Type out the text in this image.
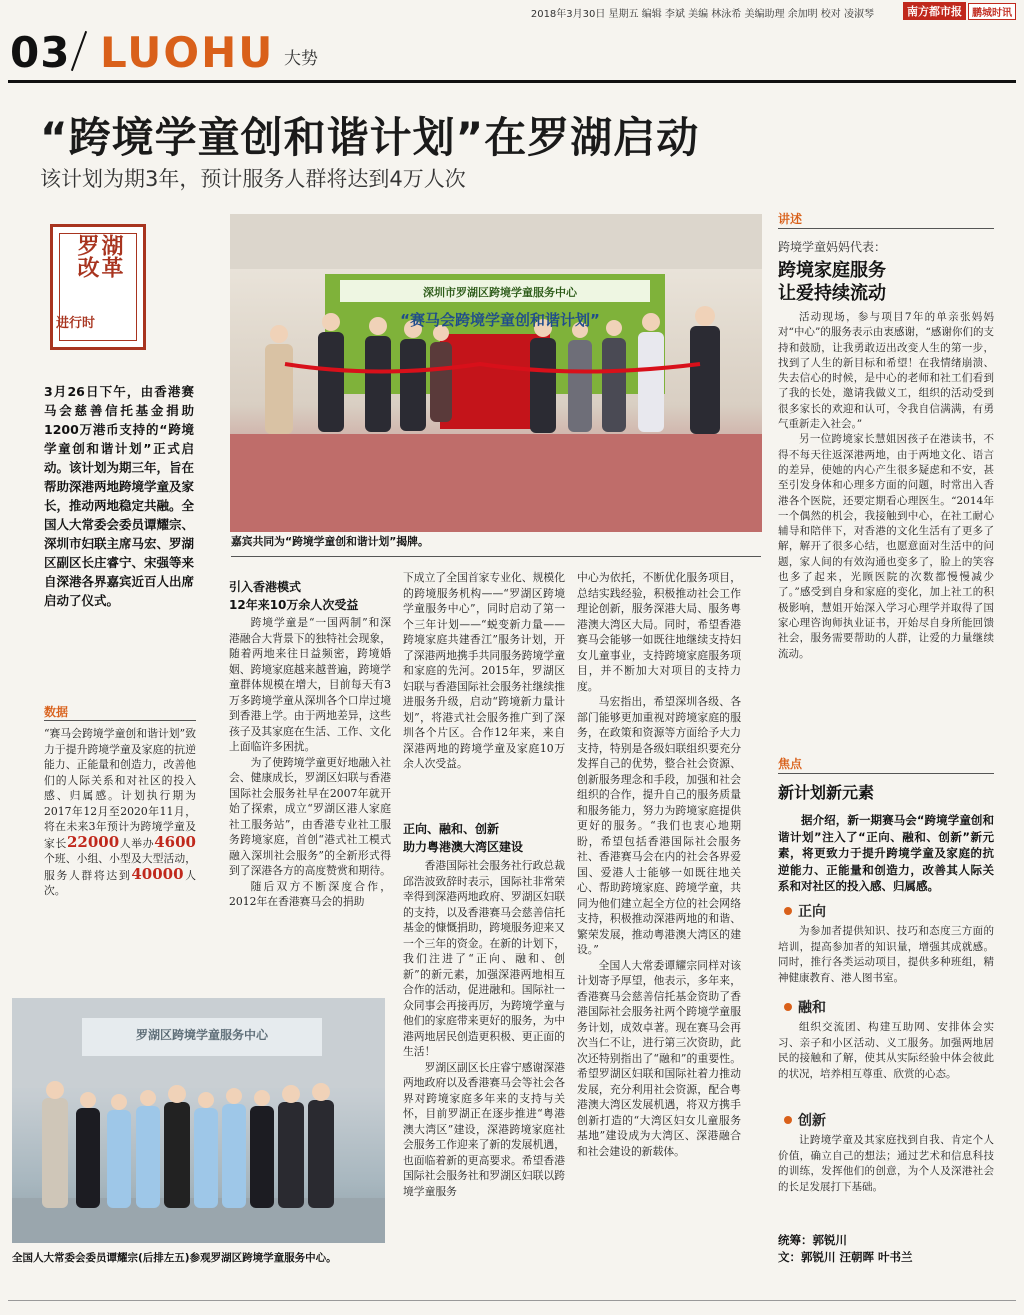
2018年3月30日 星期五 编辑 李斌 美编 林泳希 美编助理 余加明 校对 凌淑琴	南方都市报	鹏城时讯
03 LUOHU 大势
“跨境学童创和谐计划”在罗湖启动
该计划为期3年，预计服务人群将达到4万人次
湖革
罗改
进行时
3月26日下午，由香港赛马会慈善信托基金捐助1200万港币支持的“跨境学童创和谐计划”正式启动。该计划为期三年，旨在帮助深港两地跨境学童及家长，推动两地稳定共融。全国人大常委会委员谭耀宗、深圳市妇联主席马宏、罗湖区副区长庄睿宁、宋强等来自深港各界嘉宾近百人出席启动了仪式。
数据
“赛马会跨境学童创和谐计划”致力于提升跨境学童及家庭的抗逆能力、正能量和创造力，改善他们的人际关系和对社区的投入感、归属感。计划执行期为2017年12月至2020年11月，将在未来3年预计为跨境学童及家长22000人举办4600个班、小组、小型及大型活动，服务人群将达到40000人次。
深圳市罗湖区跨境学童服务中心
“赛马会跨境学童创和谐计划”
嘉宾共同为“跨境学童创和谐计划”揭牌。
引入香港模式
12年来10万余人次受益

跨境学童是“一国两制”和深港融合大背景下的独特社会现象，随着两地来往日益频密，跨境婚姻、跨境家庭越来越普遍，跨境学童群体规模在增大，目前每天有3万多跨境学童从深圳各个口岸过境到香港上学。由于两地差异，这些孩子及其家庭在生活、工作、文化上面临许多困扰。

为了使跨境学童更好地融入社会、健康成长，罗湖区妇联与香港国际社会服务社早在2007年就开始了探索，成立“罗湖区港人家庭社工服务站”，由香港专业社工服务跨境家庭，首创“港式社工模式融入深圳社会服务”的全新形式得到了深港各方的高度赞赏和期待。

随后双方不断深度合作，2012年在香港赛马会的捐助

下成立了全国首家专业化、规模化的跨境服务机构——“罗湖区跨境学童服务中心”，同时启动了第一个三年计划——“蜕变新力量——跨境家庭共建香江”服务计划，开了深港两地携手共同服务跨境学童和家庭的先河。2015年，罗湖区妇联与香港国际社会服务社继续推进服务升级，启动“跨境新力量计划”，将港式社会服务推广到了深圳各个片区。合作12年来，来自深港两地的跨境学童及家庭10万余人次受益。

正向、融和、创新
助力粤港澳大湾区建设

香港国际社会服务社行政总裁邱浩波致辞时表示，国际社非常荣幸得到深港两地政府、罗湖区妇联的支持，以及香港赛马会慈善信托基金的慷慨捐助，跨境服务迎来又一个三年的资金。在新的计划下，我们注进了“正向、融和、创新”的新元素，加强深港两地相互合作的活动，促进融和。国际社一众同事会再接再厉，为跨境学童与他们的家庭带来更好的服务，为中港两地居民创造更积极、更正面的生活！

罗湖区副区长庄睿宁感谢深港两地政府以及香港赛马会等社会各界对跨境家庭多年来的支持与关怀，目前罗湖正在逐步推进“粤港澳大湾区”建设，深港跨境家庭社会服务工作迎来了新的发展机遇，也面临着新的更高要求。希望香港国际社会服务社和罗湖区妇联以跨境学童服务

中心为依托，不断优化服务项目，总结实践经验，积极推动社会工作理论创新，服务深港大局、服务粤港澳大湾区大局。同时，希望香港赛马会能够一如既往地继续支持妇女儿童事业，支持跨境家庭服务项目，并不断加大对项目的支持力度。

马宏指出，希望深圳各级、各部门能够更加重视对跨境家庭的服务，在政策和资源等方面给予大力支持，特别是各级妇联组织要充分发挥自己的优势，整合社会资源、创新服务理念和手段，加强和社会组织的合作，提升自己的服务质量和服务能力，努力为跨境家庭提供更好的服务。“我们也衷心地期盼，希望包括香港国际社会服务社、香港赛马会在内的社会各界爱国、爱港人士能够一如既往地关心、帮助跨境家庭、跨境学童，共同为他们建立起全方位的社会网络支持，积极推动深港两地的和谐、繁荣发展，推动粤港澳大湾区的建设。”

全国人大常委谭耀宗同样对该计划寄予厚望，他表示，多年来，香港赛马会慈善信托基金资助了香港国际社会服务社两个跨境学童服务计划，成效卓著。现在赛马会再次当仁不让，进行第三次资助，此次还特别指出了“融和”的重要性。希望罗湖区妇联和国际社着力推动发展，充分利用社会资源，配合粤港澳大湾区发展机遇，将双方携手创新打造的“大湾区妇女儿童服务基地”建设成为大湾区、深港融合和社会建设的新载体。

罗湖区跨境学童服务中心
全国人大常委会委员谭耀宗(后排左五)参观罗湖区跨境学童服务中心。
讲述
跨境学童妈妈代表：
跨境家庭服务
让爱持续流动

活动现场，参与项目7年的单亲张妈妈对“中心”的服务表示由衷感谢，“感谢你们的支持和鼓励，让我勇敢迈出改变人生的第一步，找到了人生的新目标和希望！在我情绪崩溃、失去信心的时候，是中心的老师和社工们看到了我的长处，邀请我做义工，组织的活动受到很多家长的欢迎和认可，令我自信满满，有勇气重新走入社会。”

另一位跨境家长慧姐因孩子在港读书，不得不每天往返深港两地，由于两地文化、语言的差异，使她的内心产生很多疑虑和不安，甚至引发身体和心理多方面的问题，时常出入香港各个医院，还要定期看心理医生。“2014年一个偶然的机会，我接触到中心，在社工耐心辅导和陪伴下，对香港的文化生活有了更多了解，解开了很多心结，也愿意面对生活中的问题，家人间的有效沟通也变多了，脸上的笑容也多了起来，光顾医院的次数都慢慢减少了。”感受到自身和家庭的变化，加上社工的积极影响，慧姐开始深入学习心理学并取得了国家心理咨询师执业证书，开始尽自身所能回馈社会，服务需要帮助的人群，让爱的力量继续流动。

焦点
新计划新元素
据介绍，新一期赛马会“跨境学童创和谐计划”注入了“正向、融和、创新”新元素，将更致力于提升跨境学童及家庭的抗逆能力、正能量和创造力，改善其人际关系和对社区的投入感、归属感。
正向

为参加者提供知识、技巧和态度三方面的培训，提高参加者的知识量，增强其成就感。同时，推行各类运动项目，提供多种班组，精神健康教育、港人图书室。

融和

组织交流团、构建互助网、安排体会实习、亲子和小区活动、义工服务。加强两地居民的接触和了解，使其从实际经验中体会彼此的状况，培养相互尊重、欣赏的心态。

创新

让跨境学童及其家庭找到自我、肯定个人价值，确立自己的想法；通过艺术和信息科技的训练，发挥他们的创意，为个人及深港社会的长足发展打下基础。

统筹：郭锐川
文：郭锐川 汪朝晖 叶书兰
